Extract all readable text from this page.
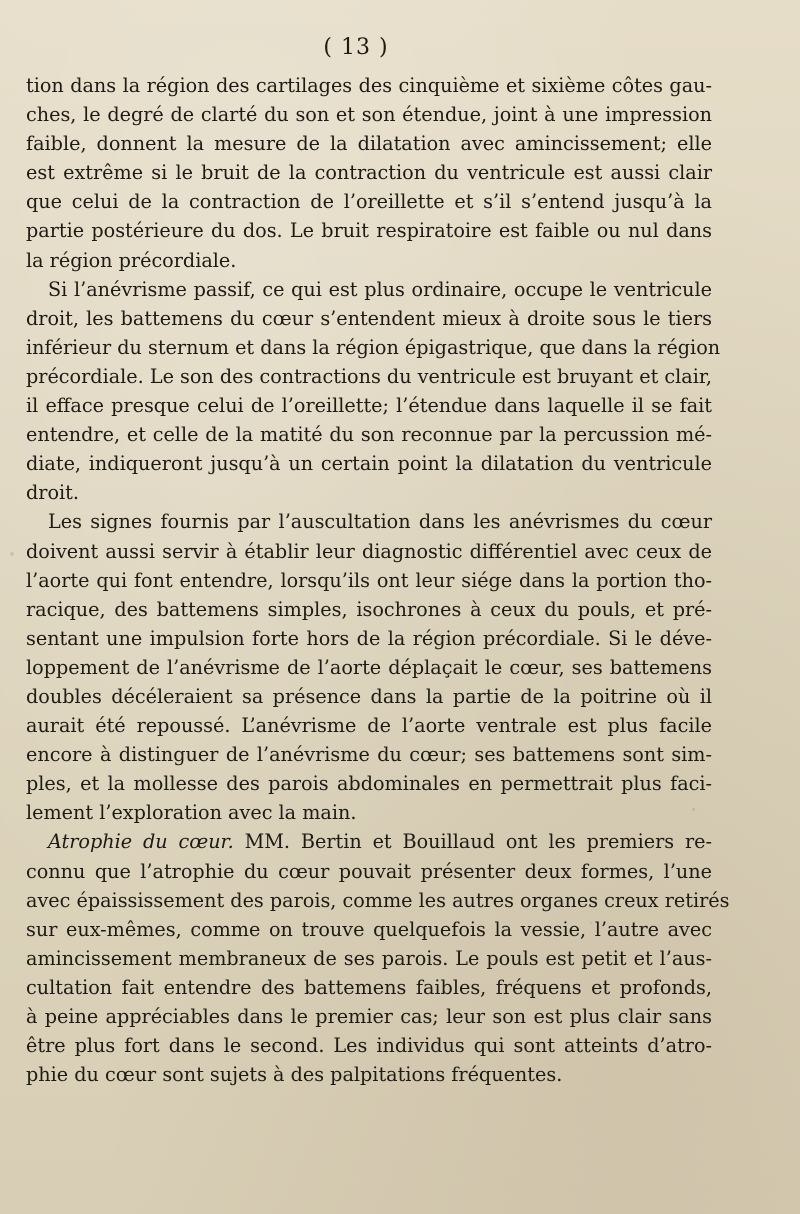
( 13 )
tion dans la région des cartilages des cinquième et sixième côtes gau-
ches, le degré de clarté du son et son étendue, joint à une impression
faible, donnent la mesure de la dilatation avec amincissement; elle
est extrême si le bruit de la contraction du ventricule est aussi clair
que celui de la contraction de l’oreillette et s’il s’entend jusqu’à la
partie postérieure du dos. Le bruit respiratoire est faible ou nul dans
la région précordiale.
Si l’anévrisme passif, ce qui est plus ordinaire, occupe le ventricule
droit, les battemens du cœur s’entendent mieux à droite sous le tiers
inférieur du sternum et dans la région épigastrique, que dans la région
précordiale. Le son des contractions du ventricule est bruyant et clair,
il efface presque celui de l’oreillette; l’étendue dans laquelle il se fait
entendre, et celle de la matité du son reconnue par la percussion mé-
diate, indiqueront jusqu’à un certain point la dilatation du ventricule
droit.
Les signes fournis par l’auscultation dans les anévrismes du cœur
doivent aussi servir à établir leur diagnostic différentiel avec ceux de
l’aorte qui font entendre, lorsqu’ils ont leur siége dans la portion tho-
racique, des battemens simples, isochrones à ceux du pouls, et pré-
sentant une impulsion forte hors de la région précordiale. Si le déve-
loppement de l’anévrisme de l’aorte déplaçait le cœur, ses battemens
doubles décéleraient sa présence dans la partie de la poitrine où il
aurait été repoussé. L’anévrisme de l’aorte ventrale est plus facile
encore à distinguer de l’anévrisme du cœur; ses battemens sont sim-
ples, et la mollesse des parois abdominales en permettrait plus faci-
lement l’exploration avec la main.
Atrophie du cœur. MM. Bertin et Bouillaud ont les premiers re-
connu que l’atrophie du cœur pouvait présenter deux formes, l’une
avec épaississement des parois, comme les autres organes creux retirés
sur eux-mêmes, comme on trouve quelquefois la vessie, l’autre avec
amincissement membraneux de ses parois. Le pouls est petit et l’aus-
cultation fait entendre des battemens faibles, fréquens et profonds,
à peine appréciables dans le premier cas; leur son est plus clair sans
être plus fort dans le second. Les individus qui sont atteints d’atro-
phie du cœur sont sujets à des palpitations fréquentes.
